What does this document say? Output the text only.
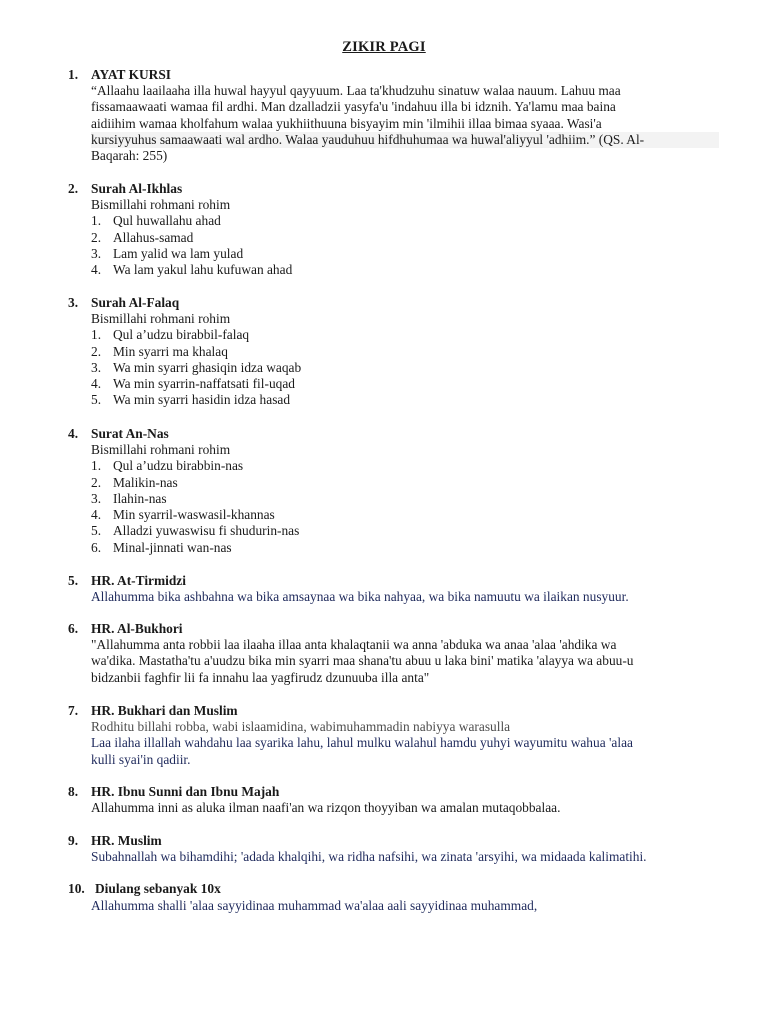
ZIKIR PAGI
1. AYAT KURSI
“Allaahu laailaaha illa huwal hayyul qayyuum. Laa ta'khudzuhu sinatuw walaa nauum. Lahuu maa
fissamaawaati wamaa fil ardhi. Man dzalladzii yasyfa'u 'indahuu illa bi idznih. Ya'lamu maa baina
aidiihim wamaa kholfahum walaa yukhiithuuna bisyayim min 'ilmihii illaa bimaa syaaa. Wasi'a
kursiyyuhus samaawaati wal ardho. Walaa yauduhuu hifdhuhumaa wa huwal'aliyyul 'adhiim.” (QS. Al-
Baqarah: 255)
2. Surah Al-Ikhlas
Bismillahi rohmani rohim
1. Qul huwallahu ahad
2. Allahus-samad
3. Lam yalid wa lam yulad
4. Wa lam yakul lahu kufuwan ahad
3. Surah Al-Falaq
Bismillahi rohmani rohim
1. Qul a’udzu birabbil-falaq
2. Min syarri ma khalaq
3. Wa min syarri ghasiqin idza waqab
4. Wa min syarrin-naffatsati fil-uqad
5. Wa min syarri hasidin idza hasad
4. Surat An-Nas
Bismillahi rohmani rohim
1. Qul a’udzu birabbin-nas
2. Malikin-nas
3. Ilahin-nas
4. Min syarril-waswasil-khannas
5. Alladzi yuwaswisu fi shudurin-nas
6. Minal-jinnati wan-nas
5. HR. At-Tirmidzi
Allahumma bika ashbahna wa bika amsaynaa wa bika nahyaa, wa bika namuutu wa ilaikan nusyuur.
6. HR. Al-Bukhori
"Allahumma anta robbii laa ilaaha illaa anta khalaqtanii wa anna 'abduka wa anaa 'alaa 'ahdika wa
wa'dika. Mastatha'tu a'uudzu bika min syarri maa shana'tu abuu u laka bini' matika 'alayya wa abuu-u
bidzanbii faghfir lii fa innahu laa yagfirudz dzunuuba illa anta"
7. HR. Bukhari dan Muslim
Rodhitu billahi robba, wabi islaamidina, wabimuhammadin nabiyya warasulla
Laa ilaha illallah wahdahu laa syarika lahu, lahul mulku walahul hamdu yuhyi wayumitu wahua 'alaa
kulli syai'in qadiir.
8. HR. Ibnu Sunni dan Ibnu Majah
Allahumma inni as aluka ilman naafi'an wa rizqon thoyyiban wa amalan mutaqobbalaa.
9. HR. Muslim
Subahnallah wa bihamdihi; 'adada khalqihi, wa ridha nafsihi, wa zinata 'arsyihi, wa midaada kalimatihi.
10. Diulang sebanyak 10x
Allahumma shalli 'alaa sayyidinaa muhammad wa'alaa aali sayyidinaa muhammad,
